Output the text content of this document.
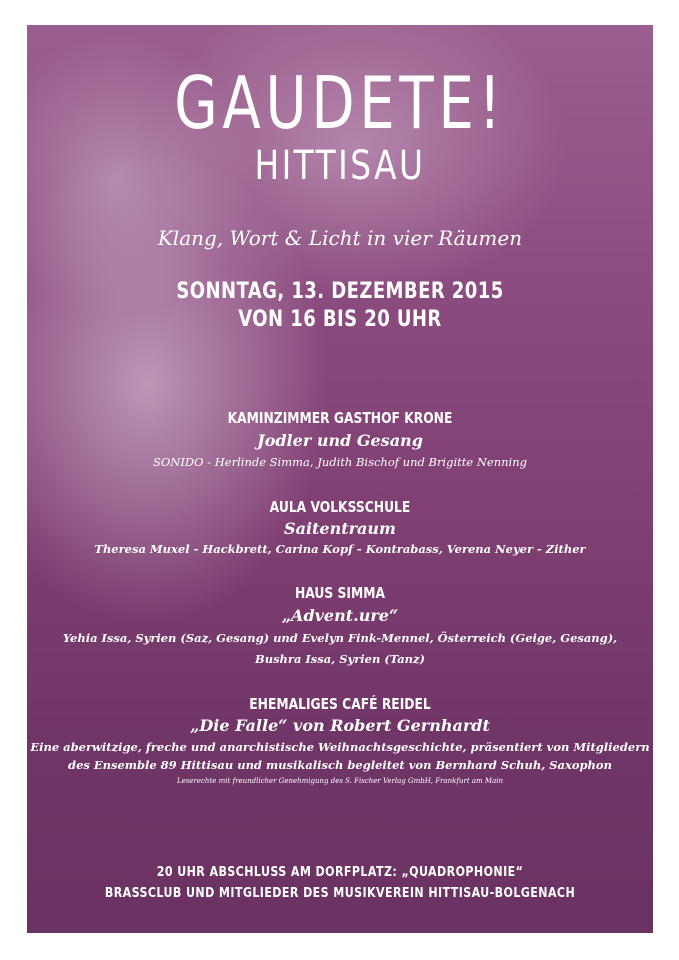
GAUDETE!
HITTISAU
Klang, Wort & Licht in vier Räumen
SONNTAG, 13. DEZEMBER 2015
VON 16 BIS 20 UHR
KAMINZIMMER GASTHOF KRONE
Jodler und Gesang
SONIDO - Herlinde Simma, Judith Bischof und Brigitte Nenning
AULA VOLKSSCHULE
Saitentraum
Theresa Muxel - Hackbrett, Carina Kopf - Kontrabass, Verena Neyer - Zither
HAUS SIMMA
„Advent.ure“
Yehia Issa, Syrien (Saz, Gesang) und Evelyn Fink-Mennel, Österreich (Geige, Gesang),
Bushra Issa, Syrien (Tanz)
EHEMALIGES CAFÉ REIDEL
„Die Falle“ von Robert Gernhardt
Eine aberwitzige, freche und anarchistische Weihnachtsgeschichte, präsentiert von Mitgliedern
des Ensemble 89 Hittisau und musikalisch begleitet von Bernhard Schuh, Saxophon
Leserechte mit freundlicher Genehmigung des S. Fischer Verlag GmbH, Frankfurt am Main
20 UHR ABSCHLUSS AM DORFPLATZ: „QUADROPHONIE“
BRASSCLUB UND MITGLIEDER DES MUSIKVEREIN HITTISAU-BOLGENACH
